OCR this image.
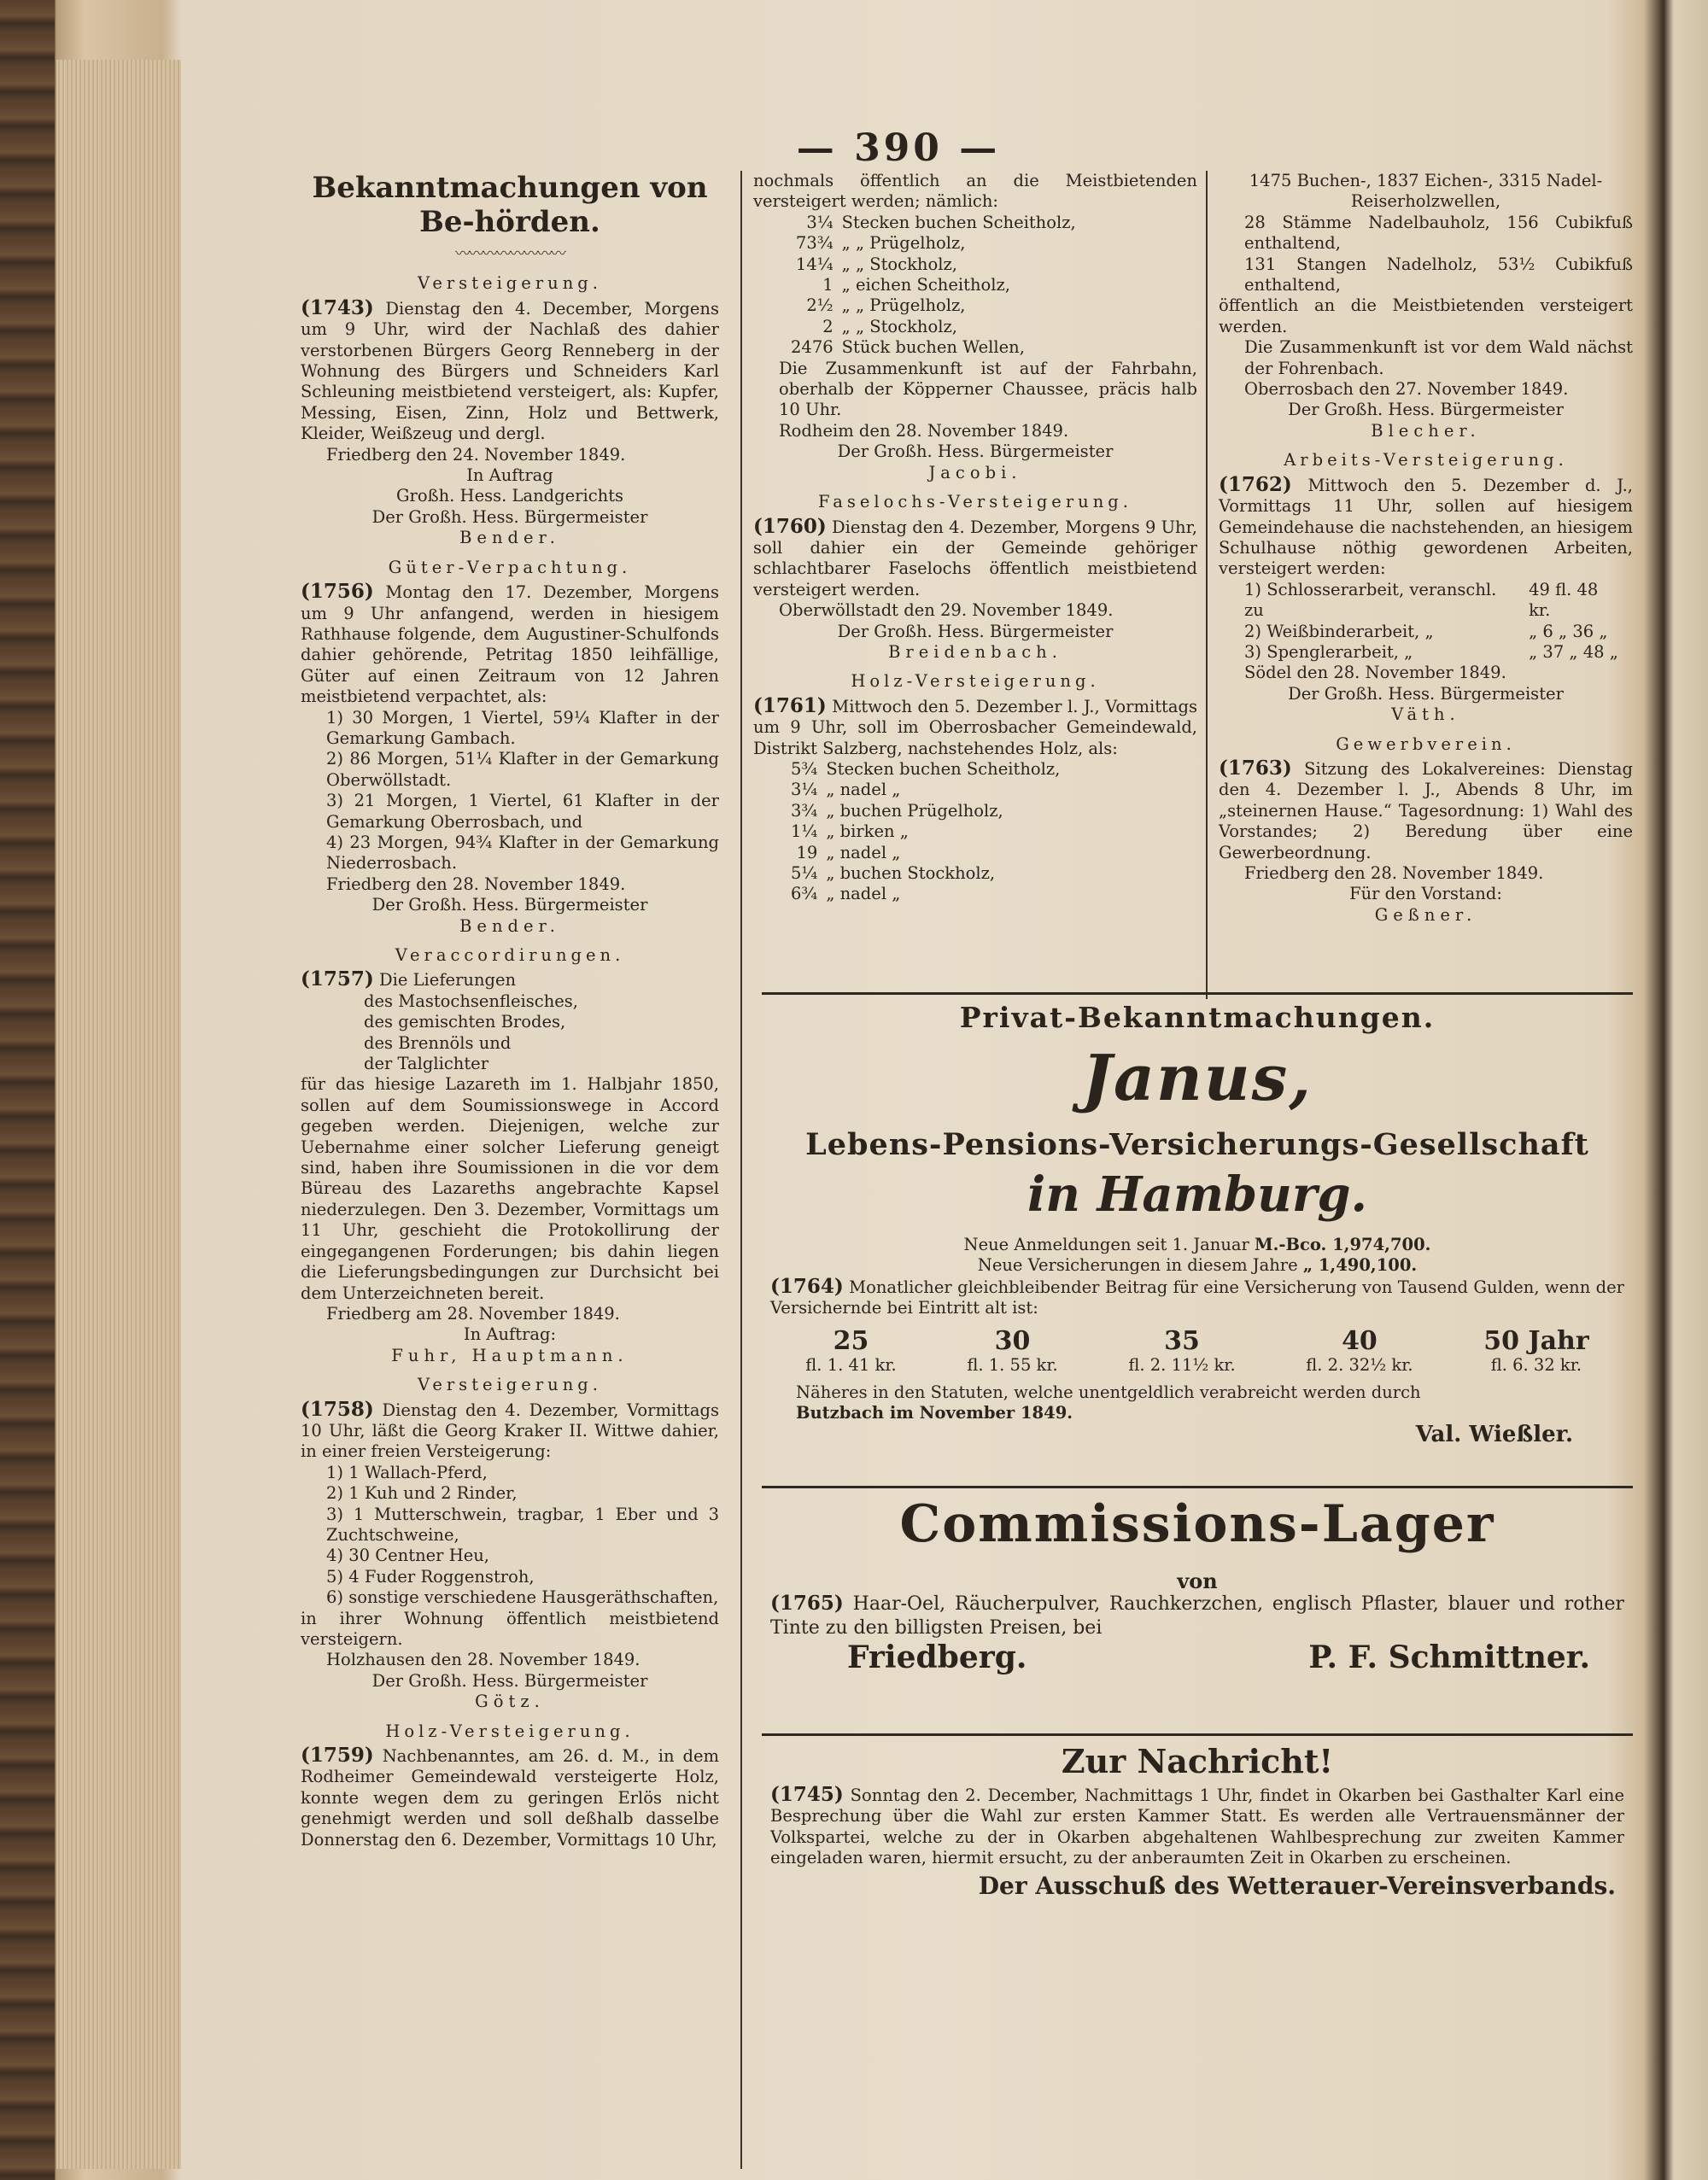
— 390 —
Bekanntmachungen von Be-hörden.
〰〰〰〰〰〰〰〰
Versteigerung.

(1743) Dienstag den 4. December, Morgens um 9 Uhr, wird der Nachlaß des dahier verstorbenen Bürgers Georg Renneberg in der Wohnung des Bürgers und Schneiders Karl Schleuning meistbietend versteigert, als: Kupfer, Messing, Eisen, Zinn, Holz und Bettwerk, Kleider, Weißzeug und dergl.

Friedberg den 24. November 1849.

In Auftrag

Großh. Hess. Landgerichts

Der Großh. Hess. Bürgermeister

Bender.

Güter-Verpachtung.

(1756) Montag den 17. Dezember, Morgens um 9 Uhr anfangend, werden in hiesigem Rathhause folgende, dem Augustiner-Schulfonds dahier gehörende, Petritag 1850 leihfällige, Güter auf einen Zeitraum von 12 Jahren meistbietend verpachtet, als:

1) 30 Morgen, 1 Viertel, 59¼ Klafter in der Gemarkung Gambach.

2) 86 Morgen, 51¼ Klafter in der Gemarkung Oberwöllstadt.

3) 21 Morgen, 1 Viertel, 61 Klafter in der Gemarkung Oberrosbach, und

4) 23 Morgen, 94¾ Klafter in der Gemarkung Niederrosbach.

Friedberg den 28. November 1849.

Der Großh. Hess. Bürgermeister

Bender.

Veraccordirungen.

(1757) Die Lieferungen

des Mastochsenfleisches,

des gemischten Brodes,

des Brennöls und

der Talglichter

für das hiesige Lazareth im 1. Halbjahr 1850, sollen auf dem Soumissionswege in Accord gegeben werden. Diejenigen, welche zur Uebernahme einer solcher Lieferung geneigt sind, haben ihre Soumissionen in die vor dem Büreau des Lazareths angebrachte Kapsel niederzulegen. Den 3. Dezember, Vormittags um 11 Uhr, geschieht die Protokollirung der eingegangenen Forderungen; bis dahin liegen die Lieferungsbedingungen zur Durchsicht bei dem Unterzeichneten bereit.

Friedberg am 28. November 1849.

In Auftrag:

Fuhr, Hauptmann.

Versteigerung.

(1758) Dienstag den 4. Dezember, Vormittags 10 Uhr, läßt die Georg Kraker II. Wittwe dahier, in einer freien Versteigerung:

1) 1 Wallach-Pferd,

2) 1 Kuh und 2 Rinder,

3) 1 Mutterschwein, tragbar, 1 Eber und 3 Zuchtschweine,

4) 30 Centner Heu,

5) 4 Fuder Roggenstroh,

6) sonstige verschiedene Hausgeräthschaften,

in ihrer Wohnung öffentlich meistbietend versteigern.

Holzhausen den 28. November 1849.

Der Großh. Hess. Bürgermeister

Götz.

Holz-Versteigerung.

(1759) Nachbenanntes, am 26. d. M., in dem Rodheimer Gemeindewald versteigerte Holz, konnte wegen dem zu geringen Erlös nicht genehmigt werden und soll deßhalb dasselbe Donnerstag den 6. Dezember, Vormittags 10 Uhr,

nochmals öffentlich an die Meistbietenden versteigert werden; nämlich:

3¼	Stecken buchen Scheitholz,
73¾	„ „ Prügelholz,
14¼	„ „ Stockholz,
1	„ eichen Scheitholz,
2½	„ „ Prügelholz,
2	„ „ Stockholz,
2476	Stück buchen Wellen,

Die Zusammenkunft ist auf der Fahrbahn, oberhalb der Köpperner Chaussee, präcis halb 10 Uhr.

Rodheim den 28. November 1849.

Der Großh. Hess. Bürgermeister

Jacobi.

Faselochs-Versteigerung.

(1760) Dienstag den 4. Dezember, Morgens 9 Uhr, soll dahier ein der Gemeinde gehöriger schlachtbarer Faselochs öffentlich meistbietend versteigert werden.

Oberwöllstadt den 29. November 1849.

Der Großh. Hess. Bürgermeister

Breidenbach.

Holz-Versteigerung.

(1761) Mittwoch den 5. Dezember l. J., Vormittags um 9 Uhr, soll im Oberrosbacher Gemeindewald, Distrikt Salzberg, nachstehendes Holz, als:

5¾	Stecken buchen Scheitholz,
3¼	„ nadel „
3¾	„ buchen Prügelholz,
1¼	„ birken „
19	„ nadel „
5¼	„ buchen Stockholz,
6¾	„ nadel „

1475 Buchen-, 1837 Eichen-, 3315 Nadel-Reiserholzwellen,

28 Stämme Nadelbauholz, 156 Cubikfuß enthaltend,

131 Stangen Nadelholz, 53½ Cubikfuß enthaltend,

öffentlich an die Meistbietenden versteigert werden.

Die Zusammenkunft ist vor dem Wald nächst der Fohrenbach.

Oberrosbach den 27. November 1849.

Der Großh. Hess. Bürgermeister

Blecher.

Arbeits-Versteigerung.

(1762) Mittwoch den 5. Dezember d. J., Vormittags 11 Uhr, sollen auf hiesigem Gemeindehause die nachstehenden, an hiesigem Schulhause nöthig gewordenen Arbeiten, versteigert werden:

1) Schlosserarbeit, veranschl. zu	49 fl. 48 kr.
2) Weißbinderarbeit, „	„ 6 „ 36 „
3) Spenglerarbeit, „	„ 37 „ 48 „

Södel den 28. November 1849.

Der Großh. Hess. Bürgermeister

Väth.

Gewerbverein.

(1763) Sitzung des Lokalvereines: Dienstag den 4. Dezember l. J., Abends 8 Uhr, im „steinernen Hause.“ Tagesordnung: 1) Wahl des Vorstandes; 2) Beredung über eine Gewerbeordnung.

Friedberg den 28. November 1849.

Für den Vorstand:

Geßner.

Privat-Bekanntmachungen.
Janus,
Lebens-Pensions-Versicherungs-Gesellschaft
in Hamburg.

Neue Anmeldungen seit 1. Januar M.-Bco. 1,974,700.

Neue Versicherungen in diesem Jahre „ 1,490,100.

(1764) Monatlicher gleichbleibender Beitrag für eine Versicherung von Tausend Gulden, wenn der Versichernde bei Eintritt alt ist:

25
fl. 1. 41 kr.
30
fl. 1. 55 kr.
35
fl. 2. 11½ kr.
40
fl. 2. 32½ kr.
50 Jahr
fl. 6. 32 kr.

Näheres in den Statuten, welche unentgeldlich verabreicht werden durch

Butzbach im November 1849.

Val. Wießler.

Commissions-Lager

von

(1765) Haar-Oel, Räucherpulver, Rauchkerzchen, englisch Pflaster, blauer und rother Tinte zu den billigsten Preisen, bei

Friedberg.	P. F. Schmittner.
Zur Nachricht!

(1745) Sonntag den 2. December, Nachmittags 1 Uhr, findet in Okarben bei Gasthalter Karl eine Besprechung über die Wahl zur ersten Kammer Statt. Es werden alle Vertrauensmänner der Volkspartei, welche zu der in Okarben abgehaltenen Wahlbesprechung zur zweiten Kammer eingeladen waren, hiermit ersucht, zu der anberaumten Zeit in Okarben zu erscheinen.

Der Ausschuß des Wetterauer-Vereinsverbands.
